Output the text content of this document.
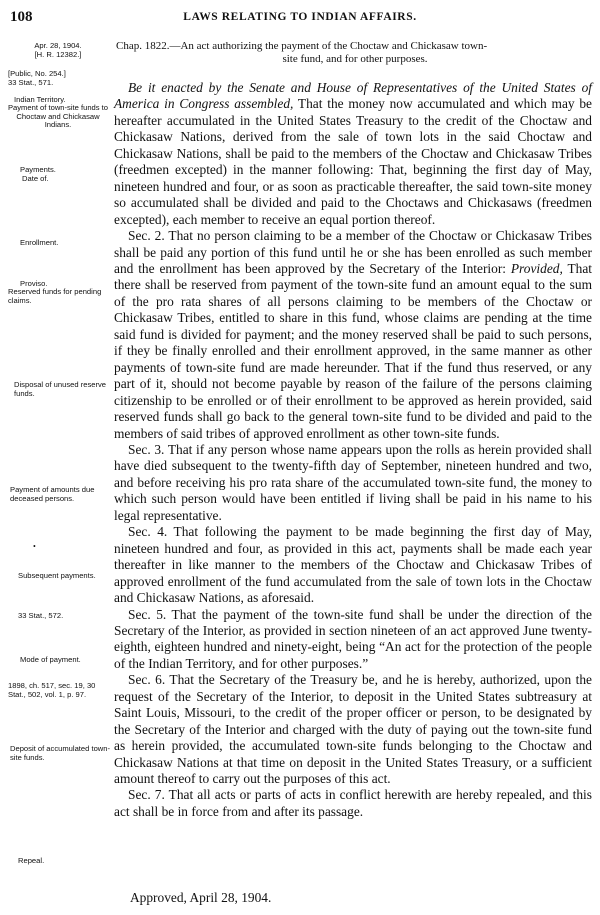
108	LAWS RELATING TO INDIAN AFFAIRS.
Chap. 1822.—An act authorizing the payment of the Choctaw and Chickasaw town-
site fund, and for other purposes.
Apr. 28, 1904.
[H. R. 12382.]
[Public, No. 254.]
33 Stat., 571.
Indian Territory.
Payment of town-site funds to Choctaw and Chickasaw Indians.
Payments.
Date of.
Enrollment.
Proviso.
Reserved funds for pending claims.
Disposal of unused reserve funds.
Payment of amounts due deceased persons.
•
Subsequent payments.
33 Stat., 572.
Mode of payment.
1898, ch. 517, sec. 19, 30 Stat., 502, vol. 1, p. 97.
Deposit of accumulated town-site funds.
Repeal.

Be it enacted by the Senate and House of Representatives of the United States of America in Congress assembled, That the money now accumulated and which may be hereafter accumulated in the United States Treasury to the credit of the Choctaw and Chickasaw Nations, derived from the sale of town lots in the said Choctaw and Chickasaw Nations, shall be paid to the members of the Choctaw and Chickasaw Tribes (freedmen excepted) in the manner following: That, beginning the first day of May, nineteen hundred and four, or as soon as practicable thereafter, the said town-site money so accumulated shall be divided and paid to the Choctaws and Chickasaws (freedmen excepted), each member to receive an equal portion thereof.

Sec. 2. That no person claiming to be a member of the Choctaw or Chickasaw Tribes shall be paid any portion of this fund until he or she has been enrolled as such member and the enrollment has been approved by the Secretary of the Interior: Provided, That there shall be reserved from payment of the town-site fund an amount equal to the sum of the pro rata shares of all persons claiming to be members of the Choctaw or Chickasaw Tribes, entitled to share in this fund, whose claims are pending at the time said fund is divided for payment; and the money reserved shall be paid to such persons, if they be finally enrolled and their enrollment approved, in the same manner as other payments of town-site fund are made hereunder. That if the fund thus reserved, or any part of it, should not become payable by reason of the failure of the persons claiming citizenship to be enrolled or of their enrollment to be approved as herein provided, said reserved funds shall go back to the general town-site fund to be divided and paid to the members of said tribes of approved enrollment as other town-site funds.

Sec. 3. That if any person whose name appears upon the rolls as herein provided shall have died subsequent to the twenty-fifth day of September, nineteen hundred and two, and before receiving his pro rata share of the accumulated town-site fund, the money to which such person would have been entitled if living shall be paid in his name to his legal representative.

Sec. 4. That following the payment to be made beginning the first day of May, nineteen hundred and four, as provided in this act, payments shall be made each year thereafter in like manner to the members of the Choctaw and Chickasaw Tribes of approved enrollment of the fund accumulated from the sale of town lots in the Choctaw and Chickasaw Nations, as aforesaid.

Sec. 5. That the payment of the town-site fund shall be under the direction of the Secretary of the Interior, as provided in section nineteen of an act approved June twenty-eighth, eighteen hundred and ninety-eight, being “An act for the protection of the people of the Indian Territory, and for other purposes.”

Sec. 6. That the Secretary of the Treasury be, and he is hereby, authorized, upon the request of the Secretary of the Interior, to deposit in the United States subtreasury at Saint Louis, Missouri, to the credit of the proper officer or person, to be designated by the Secretary of the Interior and charged with the duty of paying out the town-site fund as herein provided, the accumulated town-site funds belonging to the Choctaw and Chickasaw Nations at that time on deposit in the United States Treasury, or a sufficient amount thereof to carry out the purposes of this act.

Sec. 7. That all acts or parts of acts in conflict herewith are hereby repealed, and this act shall be in force from and after its passage.

Approved, April 28, 1904.
